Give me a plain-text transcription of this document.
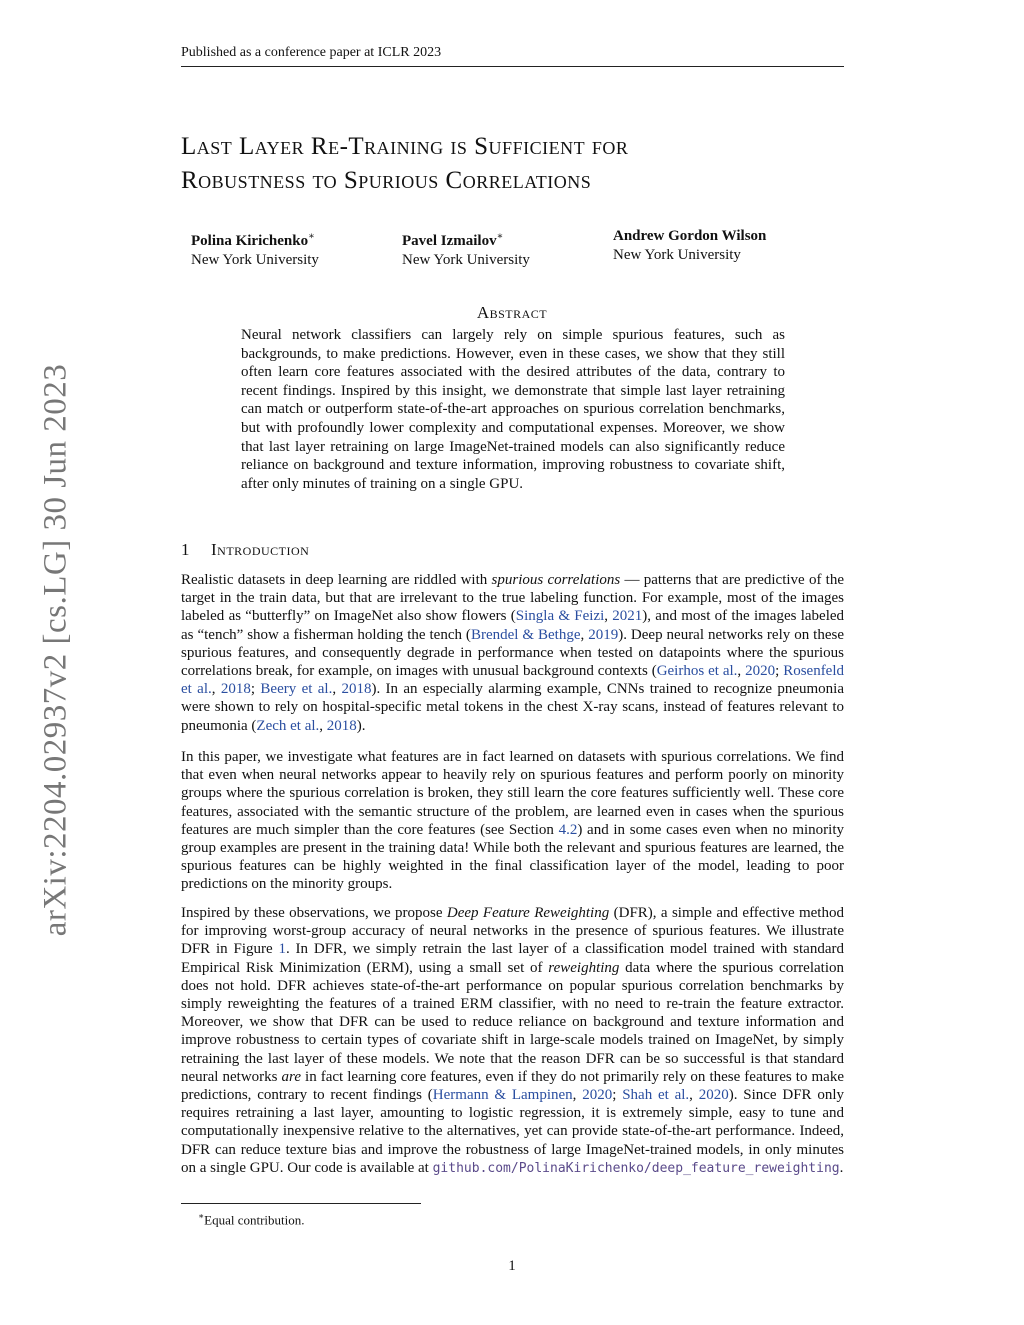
Published as a conference paper at ICLR 2023
Last Layer Re-Training is Sufficient for
Robustness to Spurious Correlations
Polina Kirichenko∗
New York University
Pavel Izmailov∗
New York University
Andrew Gordon Wilson
New York University
Abstract

Neural network classifiers can largely rely on simple spurious features, such as backgrounds, to make predictions. However, even in these cases, we show that they still often learn core features associated with the desired attributes of the data, contrary to recent findings. Inspired by this insight, we demonstrate that simple last layer retraining can match or outperform state-of-the-art approaches on spurious correlation benchmarks, but with profoundly lower complexity and computational expenses. Moreover, we show that last layer retraining on large ImageNet-trained models can also significantly reduce reliance on background and texture information, improving robustness to covariate shift, after only minutes of training on a single GPU.

1 Introduction

Realistic datasets in deep learning are riddled with spurious correlations — patterns that are predictive of the target in the train data, but that are irrelevant to the true labeling function. For example, most of the images labeled as “butterfly” on ImageNet also show flowers (Singla & Feizi, 2021), and most of the images labeled as “tench” show a fisherman holding the tench (Brendel & Bethge, 2019). Deep neural networks rely on these spurious features, and consequently degrade in performance when tested on datapoints where the spurious correlations break, for example, on images with unusual background contexts (Geirhos et al., 2020; Rosenfeld et al., 2018; Beery et al., 2018). In an especially alarming example, CNNs trained to recognize pneumonia were shown to rely on hospital-specific metal tokens in the chest X-ray scans, instead of features relevant to pneumonia (Zech et al., 2018).

In this paper, we investigate what features are in fact learned on datasets with spurious correlations. We find that even when neural networks appear to heavily rely on spurious features and perform poorly on minority groups where the spurious correlation is broken, they still learn the core features sufficiently well. These core features, associated with the semantic structure of the problem, are learned even in cases when the spurious features are much simpler than the core features (see Section 4.2) and in some cases even when no minority group examples are present in the training data! While both the relevant and spurious features are learned, the spurious features can be highly weighted in the final classification layer of the model, leading to poor predictions on the minority groups.

Inspired by these observations, we propose Deep Feature Reweighting (DFR), a simple and effective method for improving worst-group accuracy of neural networks in the presence of spurious features. We illustrate DFR in Figure 1. In DFR, we simply retrain the last layer of a classification model trained with standard Empirical Risk Minimization (ERM), using a small set of reweighting data where the spurious correlation does not hold. DFR achieves state-of-the-art performance on popular spurious correlation benchmarks by simply reweighting the features of a trained ERM classifier, with no need to re-train the feature extractor. Moreover, we show that DFR can be used to reduce reliance on background and texture information and improve robustness to certain types of covariate shift in large-scale models trained on ImageNet, by simply retraining the last layer of these models. We note that the reason DFR can be so successful is that standard neural networks are in fact learning core features, even if they do not primarily rely on these features to make predictions, contrary to recent findings (Hermann & Lampinen, 2020; Shah et al., 2020). Since DFR only requires retraining a last layer, amounting to logistic regression, it is extremely simple, easy to tune and computationally inexpensive relative to the alternatives, yet can provide state-of-the-art performance. Indeed, DFR can reduce texture bias and improve the robustness of large ImageNet-trained models, in only minutes on a single GPU. Our code is available at github.com/PolinaKirichenko/deep_feature_reweighting.

∗Equal contribution.
1
arXiv:2204.02937v2 [cs.LG] 30 Jun 2023
